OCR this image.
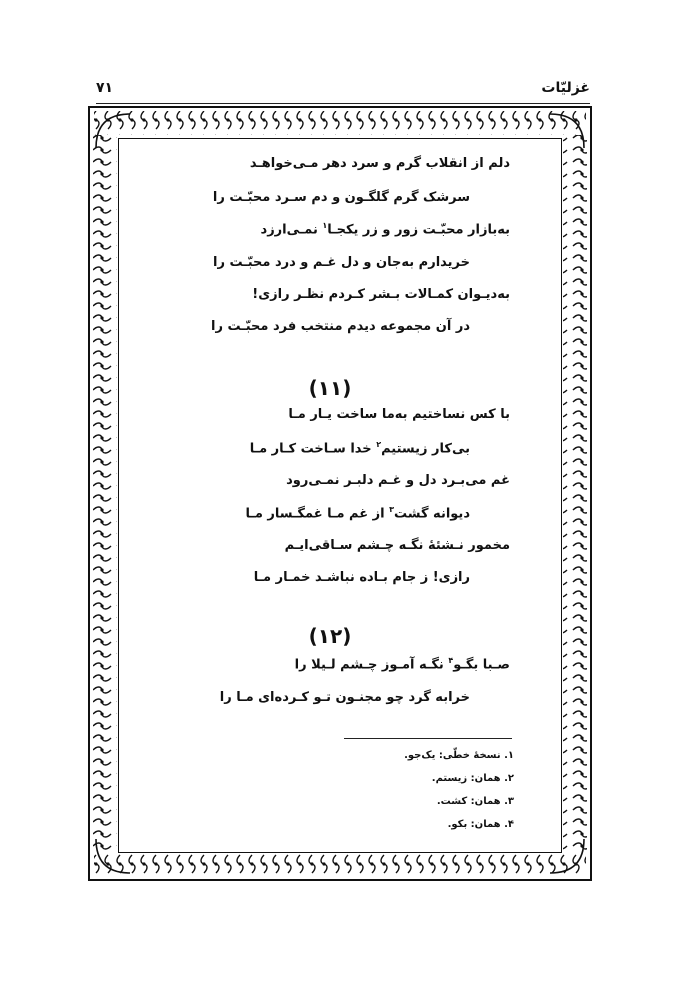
۷۱	غزلیّات
دلم از انقلاب گرم و سرد دهر مـی‌خواهـد
سرشک گرم گلگـون و دم سـرد محبّـت را
به‌بازار محبّـت زور و زر یکجـا$^۱$ نمـی‌ارزد
خریدارم به‌جان و دل غـم و درد محبّـت را
به‌دیـوان کمـالات بـشر کـردم نظـر رازی!
در آن مجموعه دیدم منتخب فرد محبّـت را
(۱۱)
با کس نساختیم به‌ما ساخت یـار مـا
بی‌کار زیستیم$^۲$ خدا سـاخت کـار مـا
غم می‌بـرد دل و غـم دلبـر نمـی‌رود
دیوانه گشت$^۳$ از غم مـا غمگـسار مـا
مخمور نـشئهٔ نگـه چـشم سـاقی‌ایـم
رازی! ز جام بـاده نباشـد خمـار مـا
(۱۲)
صـبا بگـو$^۴$ نگـه آمـوز چـشم لـیلا را
خرابه گرد چو مجنـون تـو کـرده‌ای مـا را
۱. نسخهٔ خطّی: یک‌جو.
۲. همان: زیستم.
۳. همان: کشت.
۴. همان: بکو.
